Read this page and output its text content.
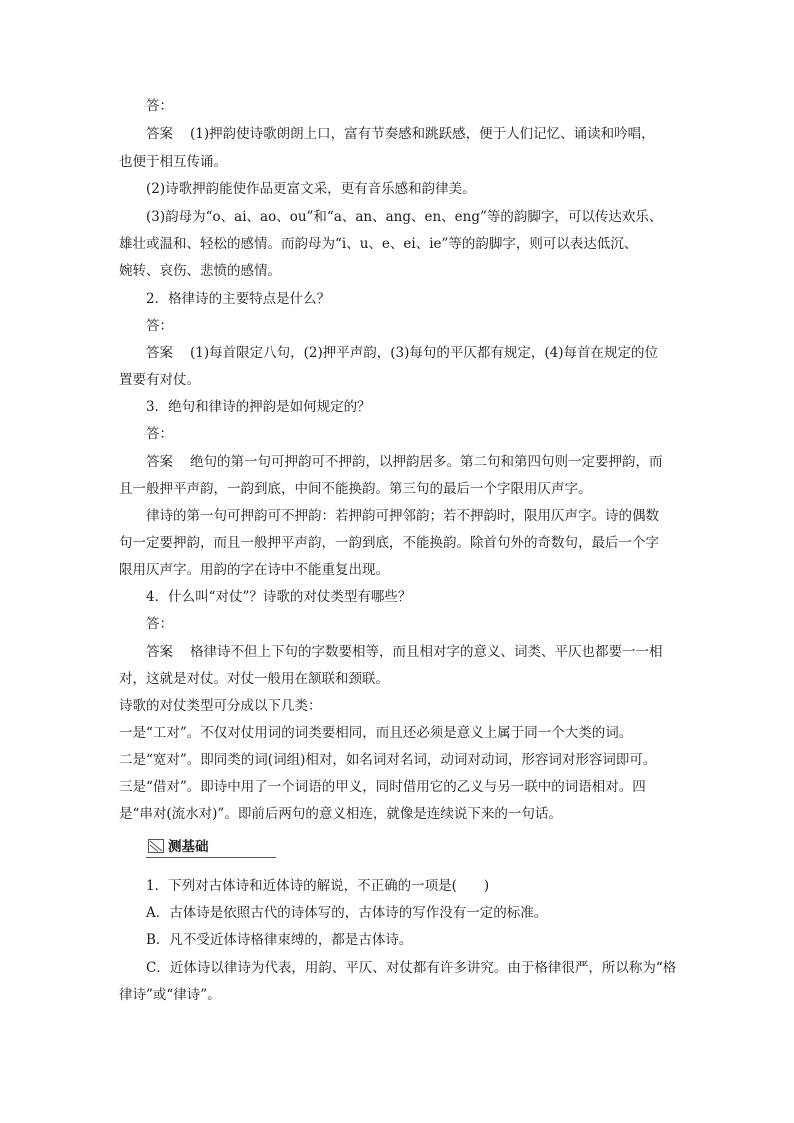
答：
答案 (1)押韵使诗歌朗朗上口，富有节奏感和跳跃感，便于人们记忆、诵读和吟唱，
也便于相互传诵。
(2)诗歌押韵能使作品更富文采，更有音乐感和韵律美。
(3)韵母为“o、ai、ao、ou”和“a、an、ang、en、eng”等的韵脚字，可以传达欢乐、
雄壮或温和、轻松的感情。而韵母为“i、u、e、ei、ie”等的韵脚字，则可以表达低沉、
婉转、哀伤、悲愤的感情。
2．格律诗的主要特点是什么？
答：
答案 (1)每首限定八句，(2)押平声韵，(3)每句的平仄都有规定，(4)每首在规定的位
置要有对仗。
3．绝句和律诗的押韵是如何规定的？
答：
答案 绝句的第一句可押韵可不押韵，以押韵居多。第二句和第四句则一定要押韵，而
且一般押平声韵，一韵到底，中间不能换韵。第三句的最后一个字限用仄声字。
律诗的第一句可押韵可不押韵：若押韵可押邻韵；若不押韵时，限用仄声字。诗的偶数
句一定要押韵，而且一般押平声韵，一韵到底，不能换韵。除首句外的奇数句，最后一个字
限用仄声字。用韵的字在诗中不能重复出现。
4．什么叫“对仗”？诗歌的对仗类型有哪些？
答：
答案 格律诗不但上下句的字数要相等，而且相对字的意义、词类、平仄也都要一一相
对，这就是对仗。对仗一般用在颔联和颈联。
诗歌的对仗类型可分成以下几类：
一是“工对”。不仅对仗用词的词类要相同，而且还必须是意义上属于同一个大类的词。
二是“宽对”。即同类的词(词组)相对，如名词对名词，动词对动词，形容词对形容词即可。
三是“借对”。即诗中用了一个词语的甲义，同时借用它的乙义与另一联中的词语相对。四
是“串对(流水对)”。即前后两句的意义相连，就像是连续说下来的一句话。
测基础
1．下列对古体诗和近体诗的解说，不正确的一项是(　　)
A．古体诗是依照古代的诗体写的，古体诗的写作没有一定的标准。
B．凡不受近体诗格律束缚的，都是古体诗。
C．近体诗以律诗为代表，用韵、平仄、对仗都有许多讲究。由于格律很严，所以称为“格
律诗”或“律诗”。
